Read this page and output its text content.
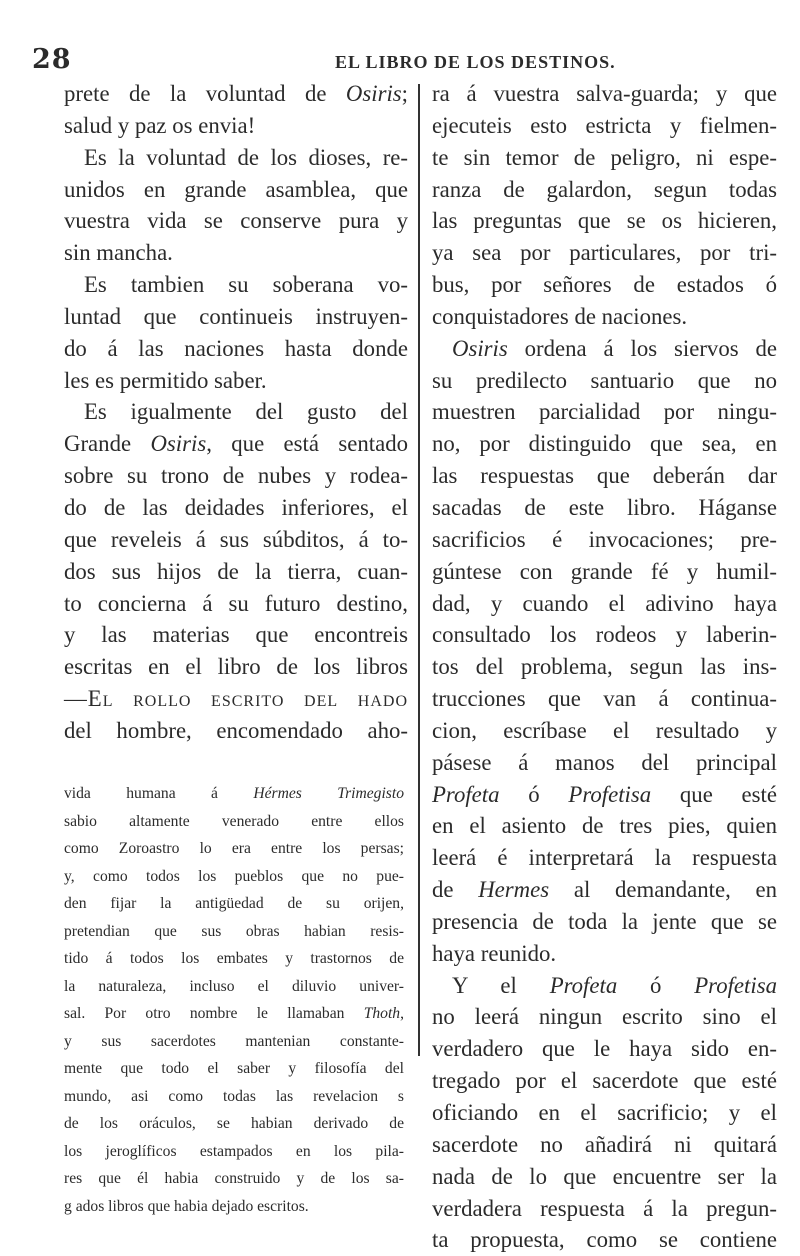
28	EL LIBRO DE LOS DESTINOS.
prete de la voluntad de Osiris;
salud y paz os envia!
Es la voluntad de los dioses, re-
unidos en grande asamblea, que
vuestra vida se conserve pura y
sin mancha.
Es tambien su soberana vo-
luntad que continueis instruyen-
do á las naciones hasta donde
les es permitido saber.
Es igualmente del gusto del
Grande Osiris, que está sentado
sobre su trono de nubes y rodea-
do de las deidades inferiores, el
que reveleis á sus súbditos, á to-
dos sus hijos de la tierra, cuan-
to concierna á su futuro destino,
y las materias que encontreis
escritas en el libro de los libros
—El rollo escrito del hado
del hombre, encomendado aho-
vida humana á Hérmes Trimegisto
sabio altamente venerado entre ellos
como Zoroastro lo era entre los persas;
y, como todos los pueblos que no pue-
den fijar la antigüedad de su orijen,
pretendian que sus obras habian resis-
tido á todos los embates y trastornos de
la naturaleza, incluso el diluvio univer-
sal. Por otro nombre le llamaban Thoth,
y sus sacerdotes mantenian constante-
mente que todo el saber y filosofía del
mundo, asi como todas las revelacion s
de los oráculos, se habian derivado de
los jeroglíficos estampados en los pila-
res que él habia construido y de los sa-
g ados libros que habia dejado escritos.
ra á vuestra salva-guarda; y que
ejecuteis esto estricta y fielmen-
te sin temor de peligro, ni espe-
ranza de galardon, segun todas
las preguntas que se os hicieren,
ya sea por particulares, por tri-
bus, por señores de estados ó
conquistadores de naciones.
Osiris ordena á los siervos de
su predilecto santuario que no
muestren parcialidad por ningu-
no, por distinguido que sea, en
las respuestas que deberán dar
sacadas de este libro. Háganse
sacrificios é invocaciones; pre-
gúntese con grande fé y humil-
dad, y cuando el adivino haya
consultado los rodeos y laberin-
tos del problema, segun las ins-
trucciones que van á continua-
cion, escríbase el resultado y
pásese á manos del principal
Profeta ó Profetisa que esté
en el asiento de tres pies, quien
leerá é interpretará la respuesta
de Hermes al demandante, en
presencia de toda la jente que se
haya reunido.
Y el Profeta ó Profetisa
no leerá ningun escrito sino el
verdadero que le haya sido en-
tregado por el sacerdote que esté
oficiando en el sacrificio; y el
sacerdote no añadirá ni quitará
nada de lo que encuentre ser la
verdadera respuesta á la pregun-
ta propuesta, como se contiene
